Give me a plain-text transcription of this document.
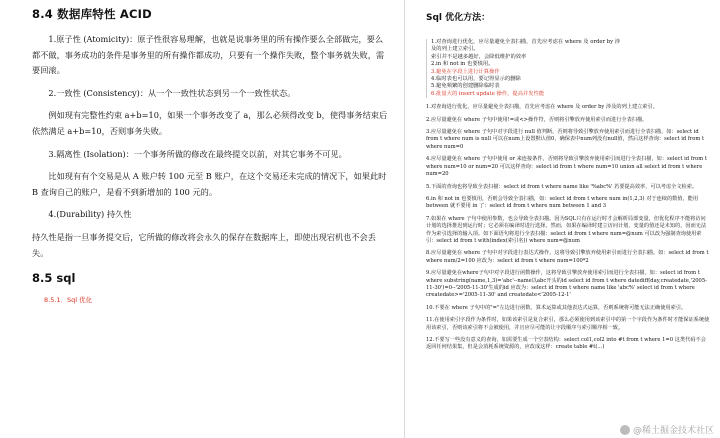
8.4 数据库特性 ACID

1.原子性 (Atomicity)：原子性很容易理解，也就是说事务里的所有操作要么全部做完，要么都不做，事务成功的条件是事务里的所有操作都成功，只要有一个操作失败，整个事务就失败，需要回滚。

2.一致性 (Consistency)：从一个一致性状态到另一个一致性状态。

例如现有完整性约束 a+b=10，如果一个事务改变了 a，那么必须得改变 b，使得事务结束后依然满足 a+b=10，否则事务失败。

3.隔离性 (Isolation)：一个事务所做的修改在最终提交以前，对其它事务不可见。

比如现有有个交易是从 A 账户转 100 元至 B 账户，在这个交易还未完成的情况下，如果此时 B 查询自己的账户，是看不到新增加的 100 元的。

4.(Durability) 持久性

持久性是指一旦事务提交后，它所做的修改将会永久的保存在数据库上，即使出现宕机也不会丢失。

8.5 sql
8.5.1．Sql 优化
Sql 优化方法：

1.对查询进行优化，应尽量避免全表扫描，首先应考虑在 where 及 order by 涉

及的列上建立索引。

索引并不是越多越好，会降低维护的效率

2.in 和 not in 也要慎用。

3.避免在字段上进行计算操作

4.临时表也可以用，要记得显示的删除

5.避免频繁的创建删除临时表

6.批量大的 insert update 操作，提高并发性能

1.对查询进行优化，应尽量避免全表扫描，首先应考虑在 where 及 order by 涉及的列上建立索引。

2.应尽量避免在 where 子句中使用!=或<>操作符，否则将引擎放弃使用索引而进行全表扫描。

3.应尽量避免在 where 子句中对字段进行 null 值判断，否则将导致引擎放弃使用索引而进行全表扫描，如：select id from t where num is null 可以在num上设置默认值0，确保表中num列没有null值，然后这样查询：select id from t where num=0

4.应尽量避免在 where 子句中使用 or 来连接条件，否则将导致引擎放弃使用索引而进行全表扫描，如：select id from t where num=10 or num=20 可以这样查询：select id from t where num=10 union all select id from t where num=20

5.下面的查询也将导致全表扫描：select id from t where name like '%abc%' 若要提高效率，可以考虑全文检索。

6.in 和 not in 也要慎用，否则会导致全表扫描，如：select id from t where num in(1,2,3) 对于连续的数值，能用 between 就不要用 in 了：select id from t where num between 1 and 3

7.如果在 where 子句中使用参数，也会导致全表扫描。因为SQL只有在运行时才会解析局部变量，但优化程序不能将访问计划的选择推迟到运行时；它必须在编译时进行选择。然而，如果在编译时建立访问计划，变量的值还是未知的，因而无法作为索引选择的输入项。如下面语句将进行全表扫描：select id from t where num=@num 可以改为强制查询使用索引：select id from t with(index(索引名)) where num=@num

8.应尽量避免在 where 子句中对字段进行表达式操作，这将导致引擎放弃使用索引而进行全表扫描。如：select id from t where num/2=100 应改为：select id from t where num=100*2

9.应尽量避免在where子句中对字段进行函数操作，这将导致引擎放弃使用索引而进行全表扫描。如：select id from t where substring(name,1,3)='abc'--name以abc开头的id select id from t where datediff(day,createdate,'2005-11-30')=0--'2005-11-30'生成的id 应改为：select id from t where name like 'abc%' select id from t where createdate>='2005-11-30' and createdate<'2005-12-1'

10.不要在 where 子句中的"="左边进行函数、算术运算或其他表达式运算，否则系统将可能无法正确使用索引。

11.在使用索引字段作为条件时，如果该索引是复合索引，那么必须使用到该索引中的第一个字段作为条件时才能保证系统使用该索引，否则该索引将不会被使用，并且应尽可能的让字段顺序与索引顺序相一致。

12.不要写一些没有意义的查询，如需要生成一个空表结构：select col1,col2 into #t from t where 1=0 这类代码不会返回任何结果集，但是会消耗系统资源的，应改成这样：create table #t(...)

@稀土掘金技术社区
